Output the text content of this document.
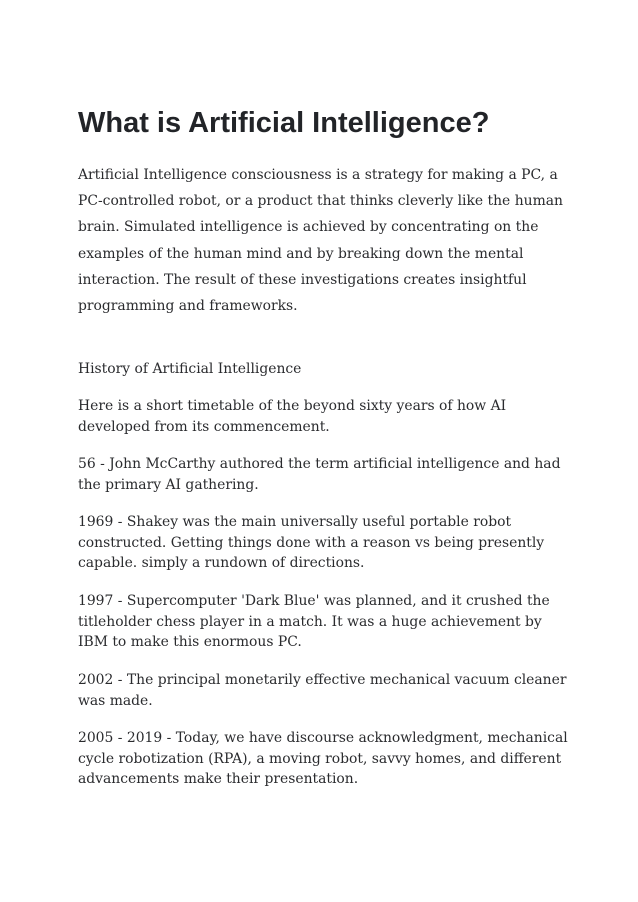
What is Artificial Intelligence?

Artificial Intelligence consciousness is a strategy for making a PC, a PC-controlled robot, or a product that thinks cleverly like the human brain. Simulated intelligence is achieved by concentrating on the examples of the human mind and by breaking down the mental interaction. The result of these investigations creates insightful programming and frameworks.

History of Artificial Intelligence

Here is a short timetable of the beyond sixty years of how AI developed from its commencement.

56 - John McCarthy authored the term artificial intelligence and had the primary AI gathering.

1969 - Shakey was the main universally useful portable robot constructed. Getting things done with a reason vs being presently capable. simply a rundown of directions.

1997 - Supercomputer 'Dark Blue' was planned, and it crushed the titleholder chess player in a match. It was a huge achievement by IBM to make this enormous PC.

2002 - The principal monetarily effective mechanical vacuum cleaner was made.

2005 - 2019 - Today, we have discourse acknowledgment, mechanical cycle robotization (RPA), a moving robot, savvy homes, and different advancements make their presentation.
